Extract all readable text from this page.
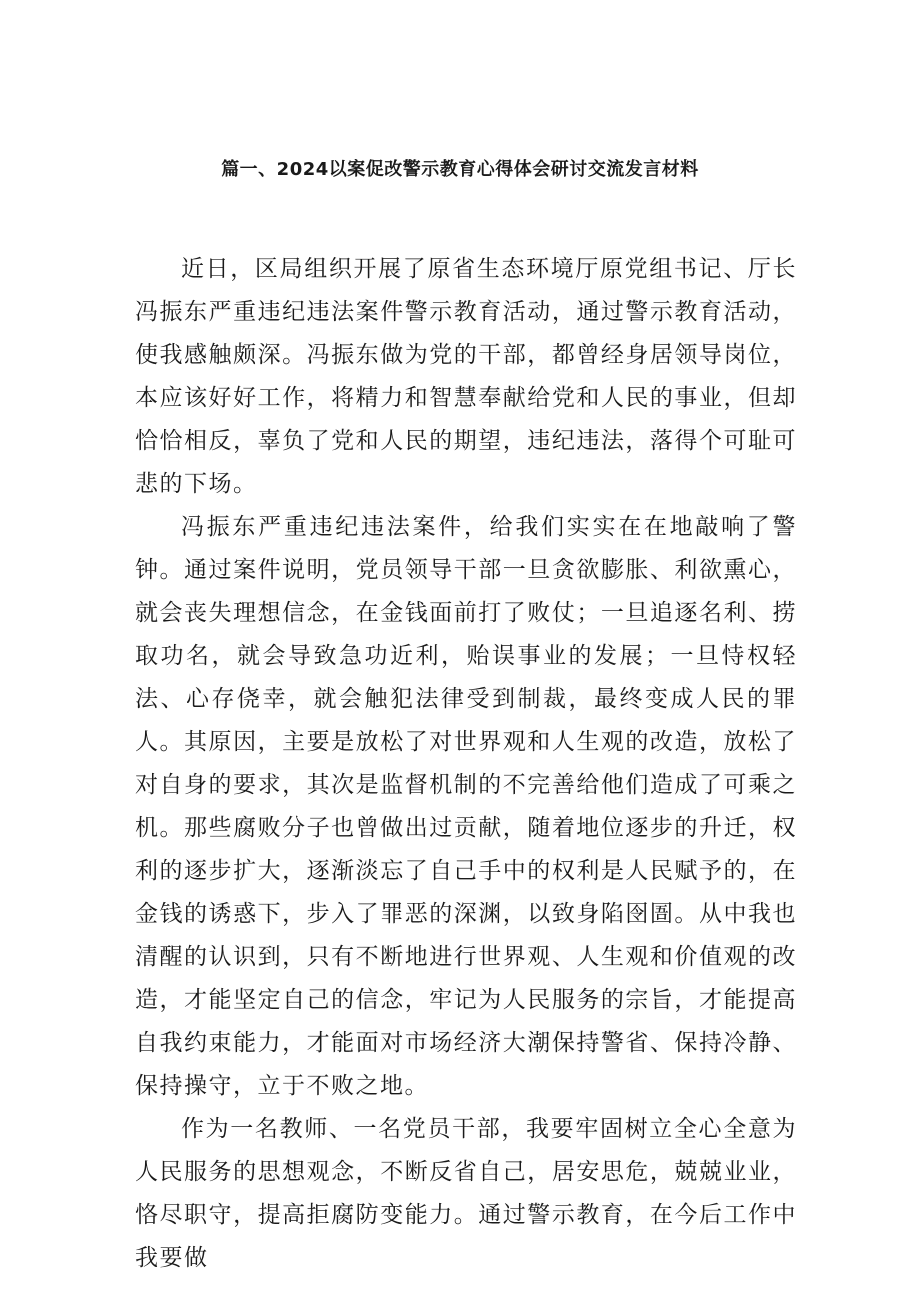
篇一、2024以案促改警示教育心得体会研讨交流发言材料

近日，区局组织开展了原省生态环境厅原党组书记、厅长冯振东严重违纪违法案件警示教育活动，通过警示教育活动，使我感触颇深。冯振东做为党的干部，都曾经身居领导岗位，本应该好好工作，将精力和智慧奉献给党和人民的事业，但却恰恰相反，辜负了党和人民的期望，违纪违法，落得个可耻可悲的下场。

冯振东严重违纪违法案件，给我们实实在在地敲响了警钟。通过案件说明，党员领导干部一旦贪欲膨胀、利欲熏心，就会丧失理想信念，在金钱面前打了败仗；一旦追逐名利、捞取功名，就会导致急功近利，贻误事业的发展；一旦恃权轻法、心存侥幸，就会触犯法律受到制裁，最终变成人民的罪人。其原因，主要是放松了对世界观和人生观的改造，放松了对自身的要求，其次是监督机制的不完善给他们造成了可乘之机。那些腐败分子也曾做出过贡献，随着地位逐步的升迁，权利的逐步扩大，逐渐淡忘了自己手中的权利是人民赋予的，在金钱的诱惑下，步入了罪恶的深渊，以致身陷囹圄。从中我也清醒的认识到，只有不断地进行世界观、人生观和价值观的改造，才能坚定自己的信念，牢记为人民服务的宗旨，才能提高自我约束能力，才能面对市场经济大潮保持警省、保持冷静、保持操守，立于不败之地。

作为一名教师、一名党员干部，我要牢固树立全心全意为人民服务的思想观念，不断反省自己，居安思危，兢兢业业，恪尽职守，提高拒腐防变能力。通过警示教育，在今后工作中我要做
